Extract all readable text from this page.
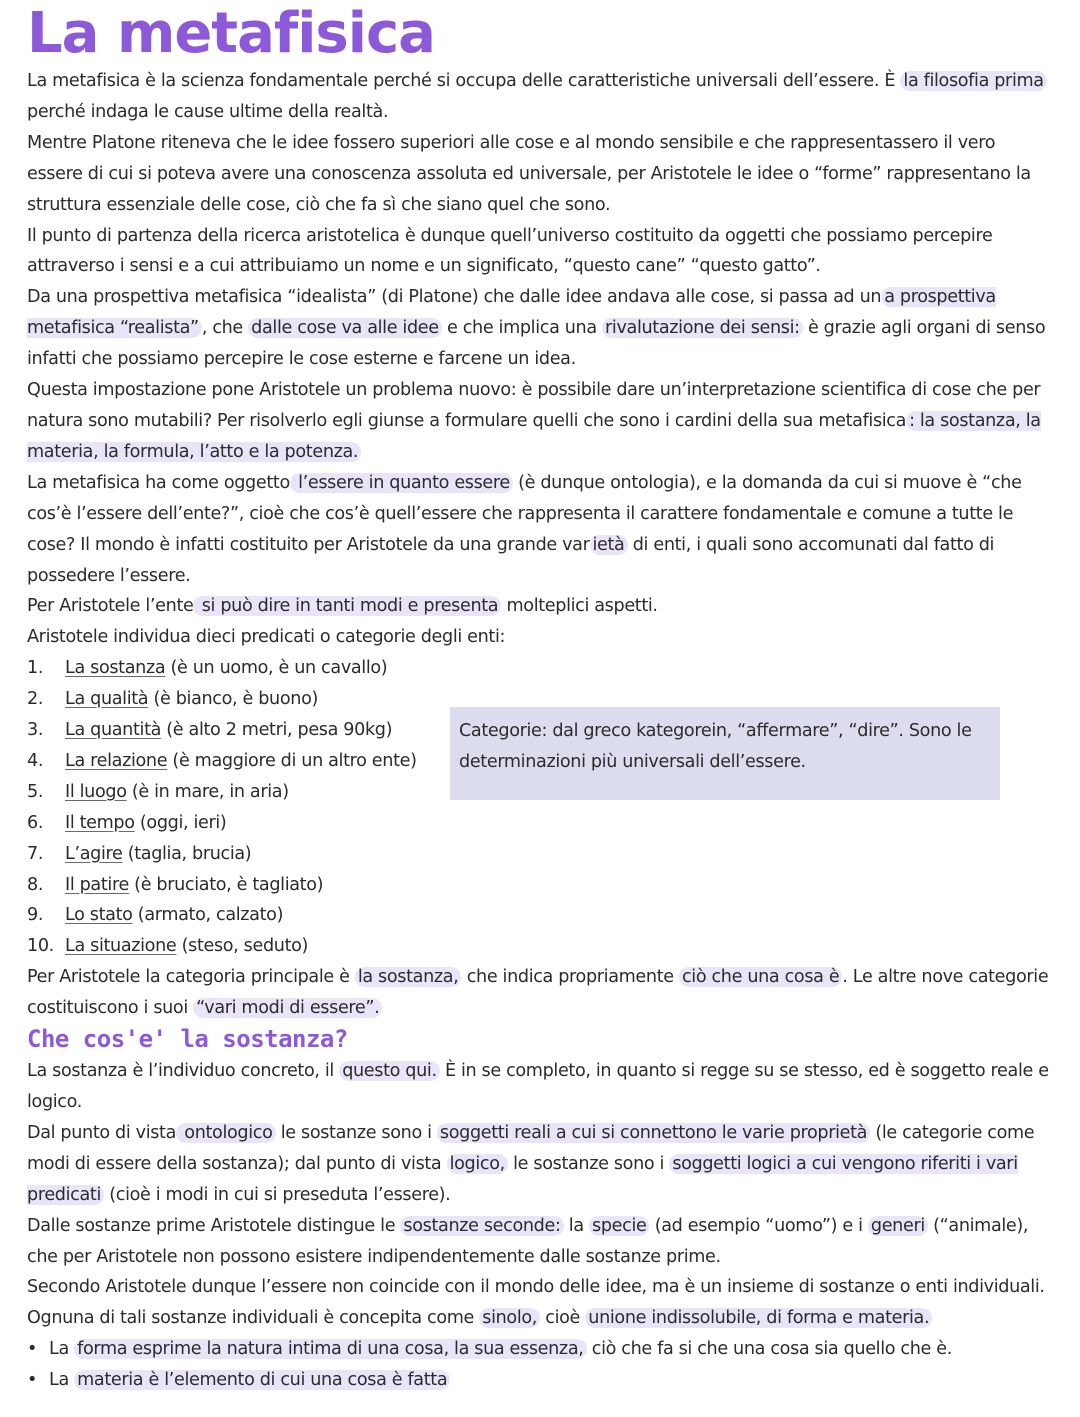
La metafisica

La metafisica è la scienza fondamentale perché si occupa delle caratteristiche universali dell’essere. È la filosofia prima perché indaga le cause ultime della realtà.

Mentre Platone riteneva che le idee fossero superiori alle cose e al mondo sensibile e che rappresentassero il vero essere di cui si poteva avere una conoscenza assoluta ed universale, per Aristotele le idee o “forme” rappresentano la struttura essenziale delle cose, ciò che fa sì che siano quel che sono.

Il punto di partenza della ricerca aristotelica è dunque quell’universo costituito da oggetti che possiamo percepire attraverso i sensi e a cui attribuiamo un nome e un significato, “questo cane” “questo gatto”.

Da una prospettiva metafisica “idealista” (di Platone) che dalle idee andava alle cose, si passa ad un a prospettiva metafisica “realista” , che dalle cose va alle idee e che implica una rivalutazione dei sensi: è grazie agli organi di senso infatti che possiamo percepire le cose esterne e farcene un idea.

Questa impostazione pone Aristotele un problema nuovo: è possibile dare un’interpretazione scientifica di cose che per natura sono mutabili? Per risolverlo egli giunse a formulare quelli che sono i cardini della sua metafisica : la sostanza, la materia, la formula, l’atto e la potenza.

La metafisica ha come oggetto l’essere in quanto essere (è dunque ontologia), e la domanda da cui si muove è “che cos’è l’essere dell’ente?”, cioè che cos’è quell’essere che rappresenta il carattere fondamentale e comune a tutte le cose? Il mondo è infatti costituito per Aristotele da una grande var ietà di enti, i quali sono accomunati dal fatto di possedere l’essere.

Per Aristotele l’ente si può dire in tanti modi e presenta molteplici aspetti.

Aristotele individua dieci predicati o categorie degli enti:

1.	La sostanza (è un uomo, è un cavallo)
2.	La qualità (è bianco, è buono)
3.	La quantità (è alto 2 metri, pesa 90kg)
4.	La relazione (è maggiore di un altro ente)
5.	Il luogo (è in mare, in aria)
6.	Il tempo (oggi, ieri)
7.	L’agire (taglia, brucia)
8.	Il patire (è bruciato, è tagliato)
9.	Lo stato (armato, calzato)
10. La situazione (steso, seduto)

Per Aristotele la categoria principale è la sostanza, che indica propriamente ciò che una cosa è . Le altre nove categorie costituiscono i suoi “vari modi di essere”.

Che cos'e' la sostanza?

La sostanza è l’individuo concreto, il questo qui. È in se completo, in quanto si regge su se stesso, ed è soggetto reale e logico.

Dal punto di vista ontologico le sostanze sono i soggetti reali a cui si connettono le varie proprietà (le categorie come modi di essere della sostanza); dal punto di vista logico, le sostanze sono i soggetti logici a cui vengono riferiti i vari predicati (cioè i modi in cui si preseduta l’essere).

Dalle sostanze prime Aristotele distingue le sostanze seconde: la specie (ad esempio “uomo”) e i generi (“animale), che per Aristotele non possono esistere indipendentemente dalle sostanze prime.

Secondo Aristotele dunque l’essere non coincide con il mondo delle idee, ma è un insieme di sostanze o enti individuali.

Ognuna di tali sostanze individuali è concepita come sinolo, cioè unione indissolubile, di forma e materia.

• La forma esprime la natura intima di una cosa, la sua essenza, ciò che fa si che una cosa sia quello che è.
• La materia è l’elemento di cui una cosa è fatta
Categorie: dal greco kategorein, “affermare”, “dire”. Sono le determinazioni più universali dell’essere.
